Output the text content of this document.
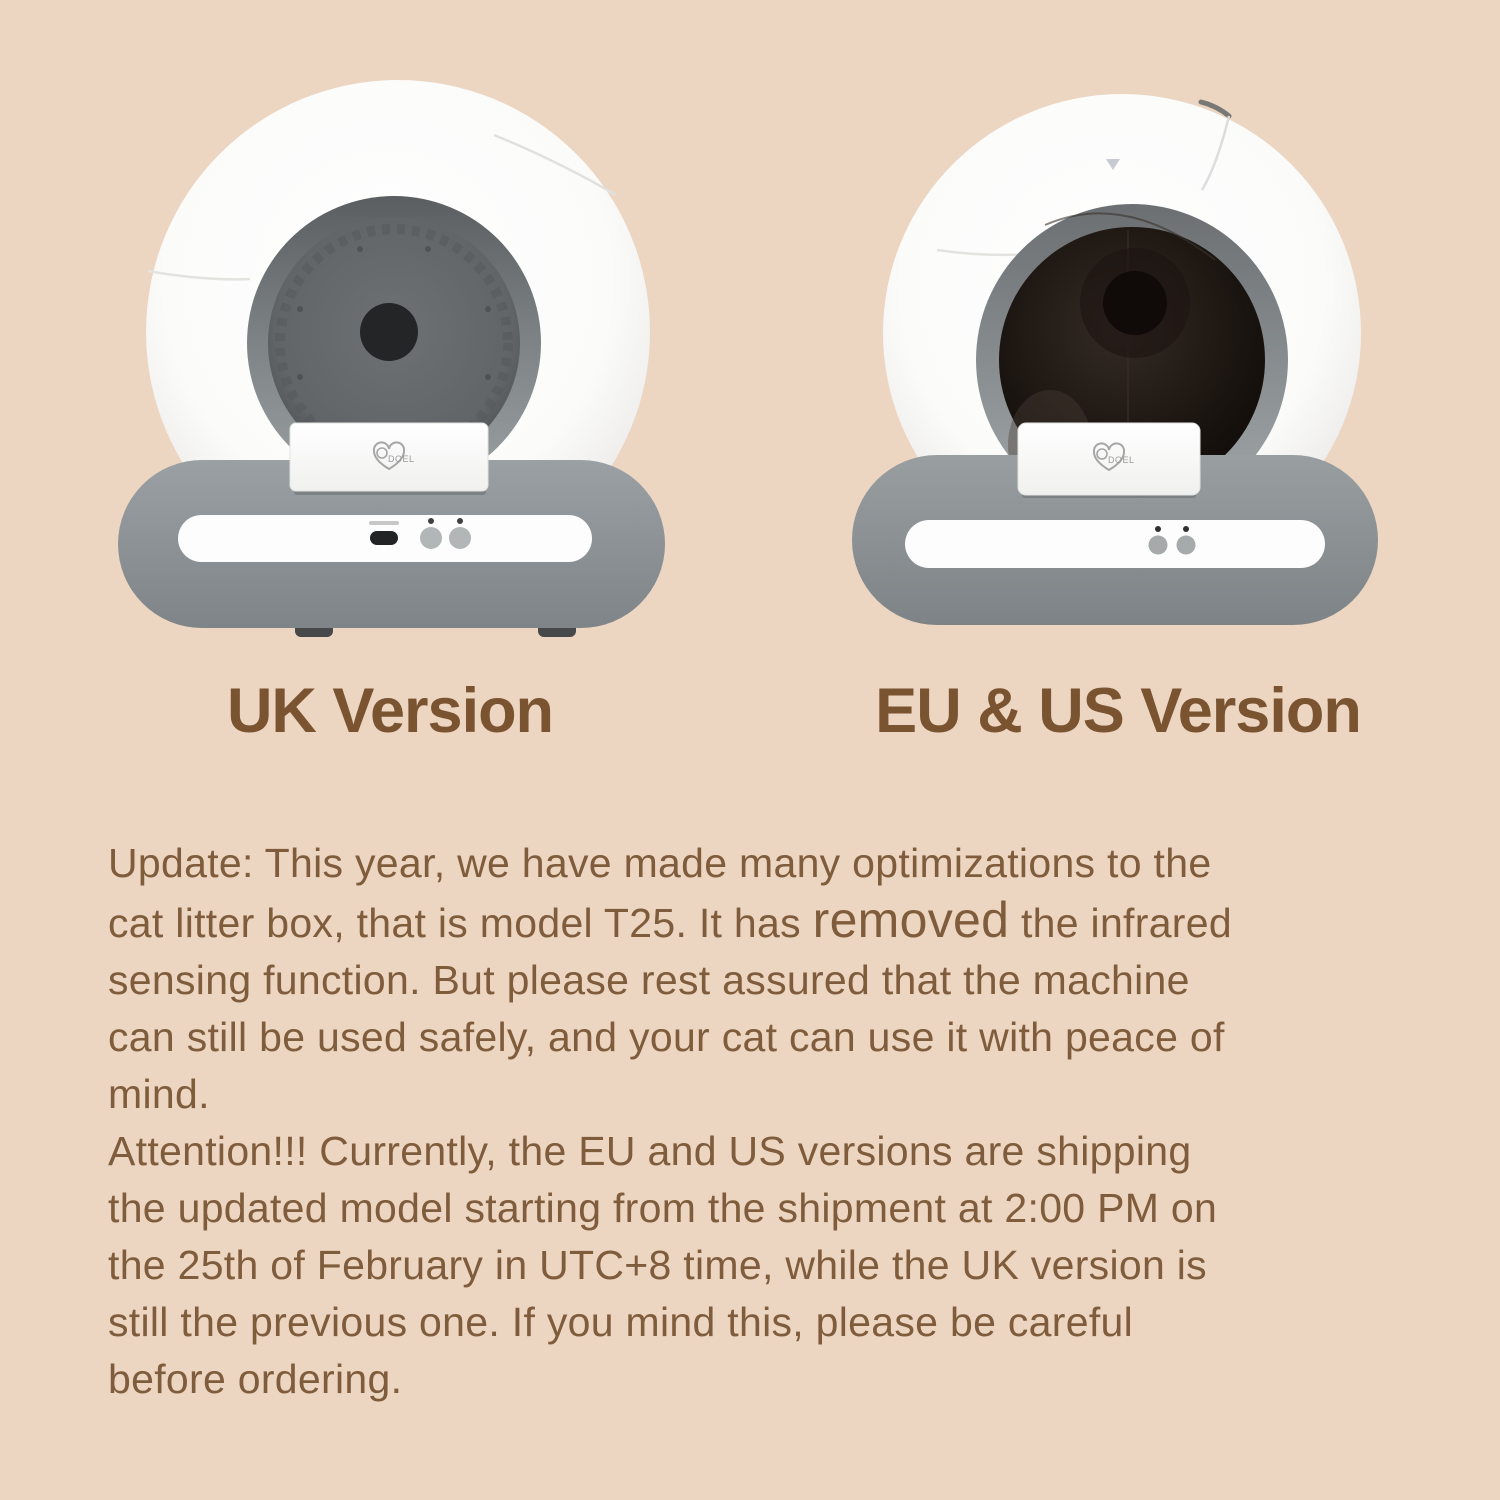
DOEL	DOEL
UK Version	EU & US Version
Update: This year, we have made many optimizations to the
cat litter box, that is model T25. It has removed the infrared
sensing function. But please rest assured that the machine
can still be used safely, and your cat can use it with peace of
mind.
Attention!!! Currently, the EU and US versions are shipping
the updated model starting from the shipment at 2:00 PM on
the 25th of February in UTC+8 time, while the UK version is
still the previous one. If you mind this, please be careful
before ordering.
